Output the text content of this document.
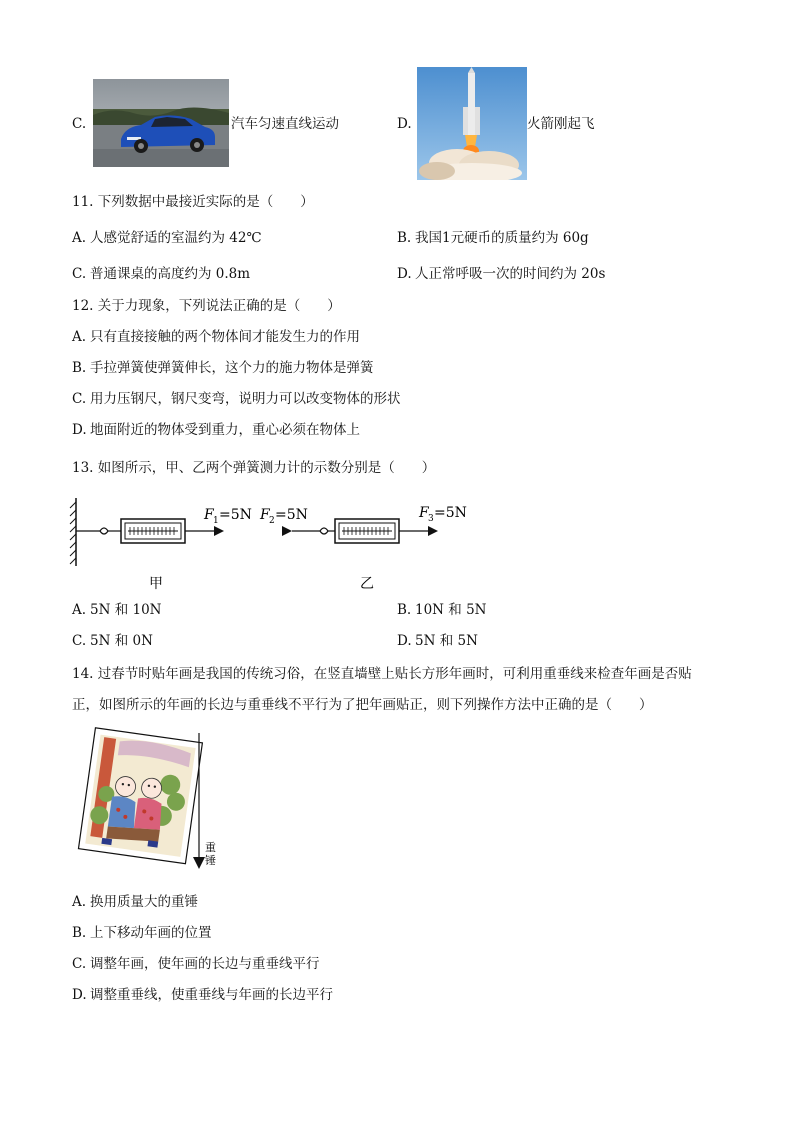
C.	汽车匀速直线运动	D.	火箭刚起飞
11. 下列数据中最接近实际的是（　　）
A. 人感觉舒适的室温约为 42℃	B. 我国1元硬币的质量约为 60g
C. 普通课桌的高度约为 0.8m	D. 人正常呼吸一次的时间约为 20s
12. 关于力现象，下列说法正确的是（　　）
A. 只有直接接触的两个物体间才能发生力的作用
B. 手拉弹簧使弹簧伸长，这个力的施力物体是弹簧
C. 用力压钢尺，钢尺变弯，说明力可以改变物体的形状
D. 地面附近的物体受到重力，重心必须在物体上
13. 如图所示，甲、乙两个弹簧测力计的示数分别是（　　）
F 1 =5N F 2 =5N	F 3 =5N
甲	乙
A. 5N 和 10N	B. 10N 和 5N
C. 5N 和 0N	D. 5N 和 5N
14. 过春节时贴年画是我国的传统习俗，在竖直墙壁上贴长方形年画时，可利用重垂线来检查年画是否贴
正，如图所示的年画的长边与重垂线不平行为了把年画贴正，则下列操作方法中正确的是（　　）
重
锤
A. 换用质量大的重锤
B. 上下移动年画的位置
C. 调整年画，使年画的长边与重垂线平行
D. 调整重垂线，使重垂线与年画的长边平行
